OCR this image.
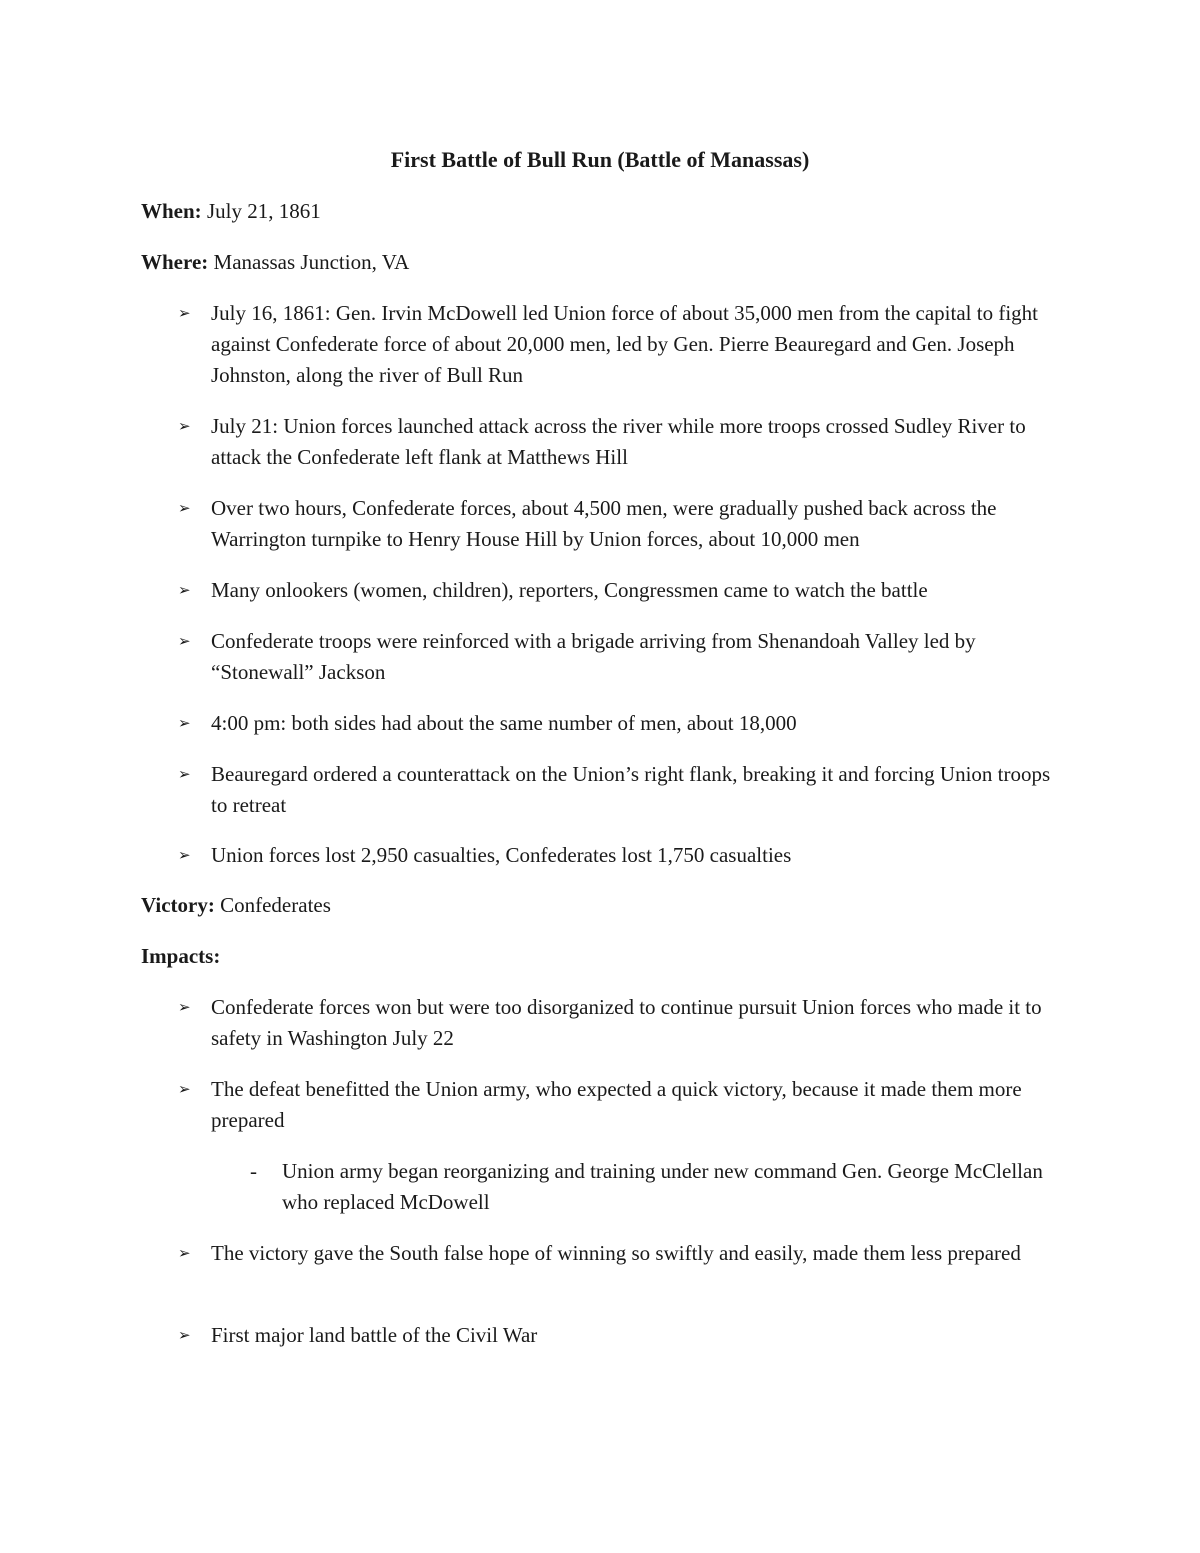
First Battle of Bull Run (Battle of Manassas)

When: July 21, 1861

Where: Manassas Junction, VA

➢ July 16, 1861: Gen. Irvin McDowell led Union force of about 35,000 men from the capital to fight against Confederate force of about 20,000 men, led by Gen. Pierre Beauregard and Gen. Joseph Johnston, along the river of Bull Run

➢ July 21: Union forces launched attack across the river while more troops crossed Sudley River to attack the Confederate left flank at Matthews Hill

➢ Over two hours, Confederate forces, about 4,500 men, were gradually pushed back across the Warrington turnpike to Henry House Hill by Union forces, about 10,000 men

➢ Many onlookers (women, children), reporters, Congressmen came to watch the battle

➢ Confederate troops were reinforced with a brigade arriving from Shenandoah Valley led by “Stonewall” Jackson

➢ 4:00 pm: both sides had about the same number of men, about 18,000

➢ Beauregard ordered a counterattack on the Union’s right flank, breaking it and forcing Union troops to retreat

➢ Union forces lost 2,950 casualties, Confederates lost 1,750 casualties

Victory: Confederates

Impacts:

➢ Confederate forces won but were too disorganized to continue pursuit Union forces who made it to safety in Washington July 22

➢ The defeat benefitted the Union army, who expected a quick victory, because it made them more prepared

-	Union army began reorganizing and training under new command Gen. George McClellan who replaced McDowell

➢ The victory gave the South false hope of winning so swiftly and easily, made them less prepared

➢ First major land battle of the Civil War
